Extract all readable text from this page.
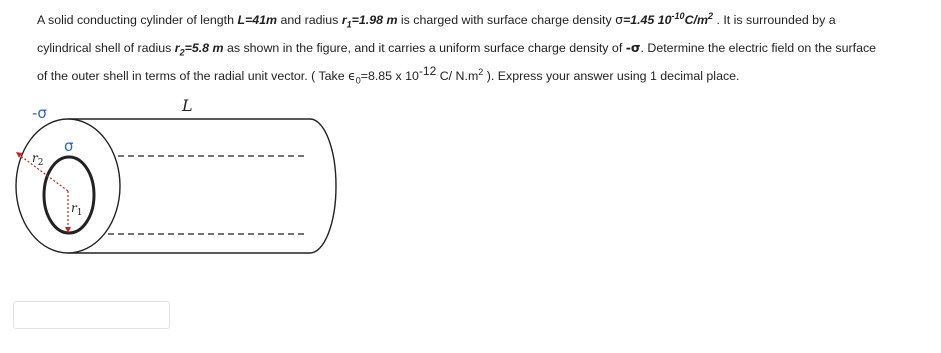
A solid conducting cylinder of length L=41m and radius $r_1=1.98$ m is charged with surface charge density σ=1.45 $10^{-10}C/m^2$ . It is surrounded by a
cylindrical shell of radius $r_2=5.8$ m as shown in the figure, and it carries a uniform surface charge density of -σ. Determine the electric field on the surface
of the outer shell in terms of the radial unit vector. ( Take $\epsilon_0=8.85$ x $10^{-12}$ C/ $N.m^2$ ). Express your answer using 1 decimal place.
-σ
σ
L
$r_2$
$r_1$
